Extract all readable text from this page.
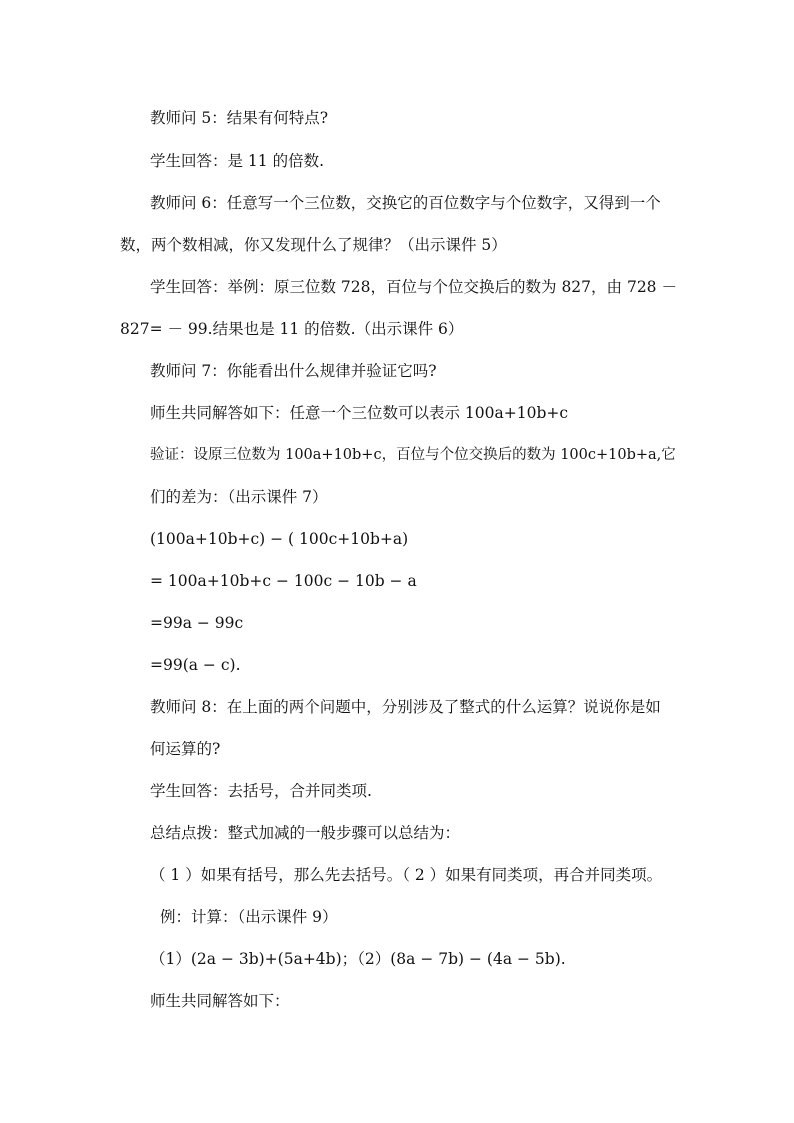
教师问 5：结果有何特点?
学生回答：是 11 的倍数.
教师问 6：任意写一个三位数，交换它的百位数字与个位数字，又得到一个
数，两个数相减，你又发现什么了规律？（出示课件 5）
学生回答：举例：原三位数 728，百位与个位交换后的数为 827，由 728 －
827= － 99.结果也是 11 的倍数.（出示课件 6）
教师问 7：你能看出什么规律并验证它吗?
师生共同解答如下：任意一个三位数可以表示 100a+10b+c
验证：设原三位数为 100a+10b+c，百位与个位交换后的数为 100c+10b+a,它
们的差为：（出示课件 7）
(100a+10b+c) − ( 100c+10b+a)
= 100a+10b+c − 100c − 10b − a
=99a − 99c
=99(a − c).
教师问 8：在上面的两个问题中，分别涉及了整式的什么运算？说说你是如
何运算的?
学生回答：去括号，合并同类项.
总结点拨：整式加减的一般步骤可以总结为：
（ 1 ）如果有括号，那么先去括号。（ 2 ）如果有同类项，再合并同类项。
例：计算：（出示课件 9）
（1）(2a − 3b)+(5a+4b)；（2）(8a − 7b) − (4a − 5b).
师生共同解答如下：
